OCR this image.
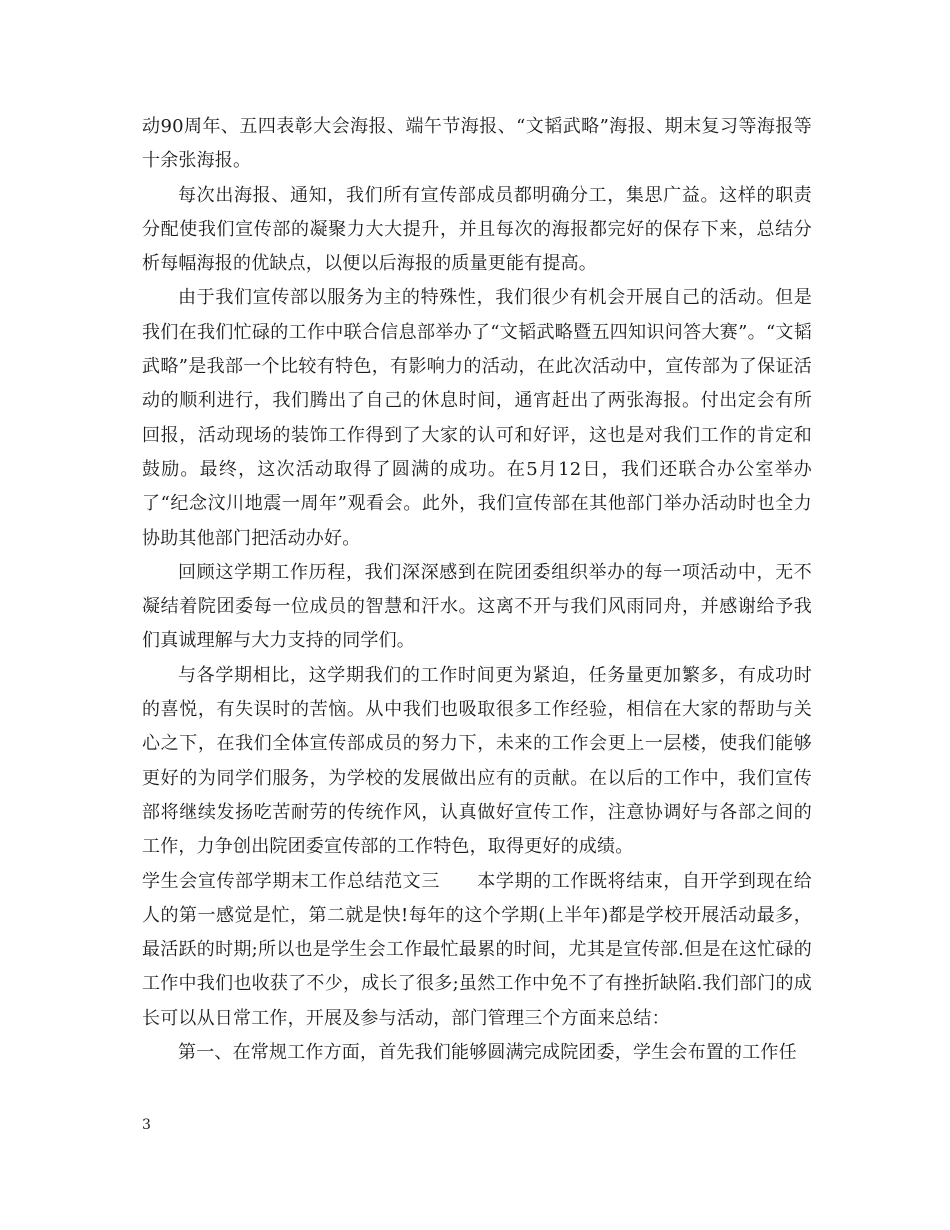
动90周年、五四表彰大会海报、端午节海报、“文韬武略”海报、期末复习等海报等十余张海报。

每次出海报、通知，我们所有宣传部成员都明确分工，集思广益。这样的职责分配使我们宣传部的凝聚力大大提升，并且每次的海报都完好的保存下来，总结分析每幅海报的优缺点，以便以后海报的质量更能有提高。

由于我们宣传部以服务为主的特殊性，我们很少有机会开展自己的活动。但是我们在我们忙碌的工作中联合信息部举办了“文韬武略暨五四知识问答大赛”。“文韬武略”是我部一个比较有特色，有影响力的活动，在此次活动中，宣传部为了保证活动的顺利进行，我们腾出了自己的休息时间，通宵赶出了两张海报。付出定会有所回报，活动现场的装饰工作得到了大家的认可和好评，这也是对我们工作的肯定和鼓励。最终，这次活动取得了圆满的成功。在5月12日，我们还联合办公室举办了“纪念汶川地震一周年”观看会。此外，我们宣传部在其他部门举办活动时也全力协助其他部门把活动办好。

回顾这学期工作历程，我们深深感到在院团委组织举办的每一项活动中，无不凝结着院团委每一位成员的智慧和汗水。这离不开与我们风雨同舟，并感谢给予我们真诚理解与大力支持的同学们。

与各学期相比，这学期我们的工作时间更为紧迫，任务量更加繁多，有成功时的喜悦，有失误时的苦恼。从中我们也吸取很多工作经验，相信在大家的帮助与关心之下，在我们全体宣传部成员的努力下，未来的工作会更上一层楼，使我们能够更好的为同学们服务，为学校的发展做出应有的贡献。在以后的工作中，我们宣传部将继续发扬吃苦耐劳的传统作风，认真做好宣传工作，注意协调好与各部之间的工作，力争创出院团委宣传部的工作特色，取得更好的成绩。

学生会宣传部学期末工作总结范文三　　本学期的工作既将结束，自开学到现在给人的第一感觉是忙，第二就是快!每年的这个学期(上半年)都是学校开展活动最多，最活跃的时期;所以也是学生会工作最忙最累的时间，尤其是宣传部.但是在这忙碌的工作中我们也收获了不少，成长了很多;虽然工作中免不了有挫折缺陷.我们部门的成长可以从日常工作，开展及参与活动，部门管理三个方面来总结：

第一、在常规工作方面，首先我们能够圆满完成院团委，学生会布置的工作任

3
